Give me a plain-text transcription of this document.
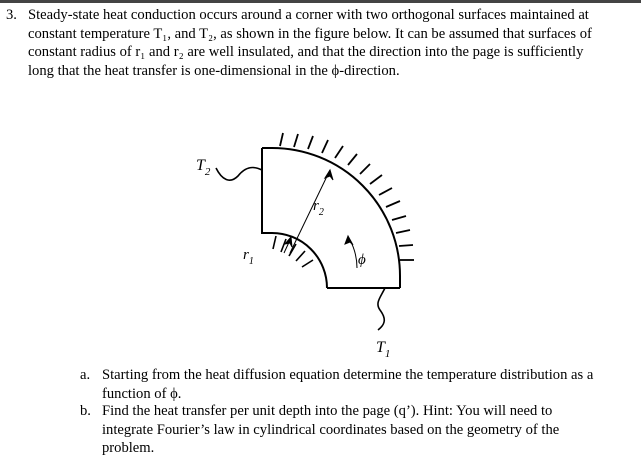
3. Steady-state heat conduction occurs around a corner with two orthogonal surfaces maintained at
constant temperature T₁, and T₂, as shown in the figure below. It can be assumed that surfaces of
constant radius of r₁ and r₂ are well insulated, and that the direction into the page is sufficiently
long that the heat transfer is one-dimensional in the ϕ-direction.
$T_2$
$T_1$
$r_1$
$r_2$
ϕ
a. Starting from the heat diffusion equation determine the temperature distribution as a
function of ϕ.
b. Find the heat transfer per unit depth into the page (q’). Hint: You will need to
integrate Fourier’s law in cylindrical coordinates based on the geometry of the
problem.
